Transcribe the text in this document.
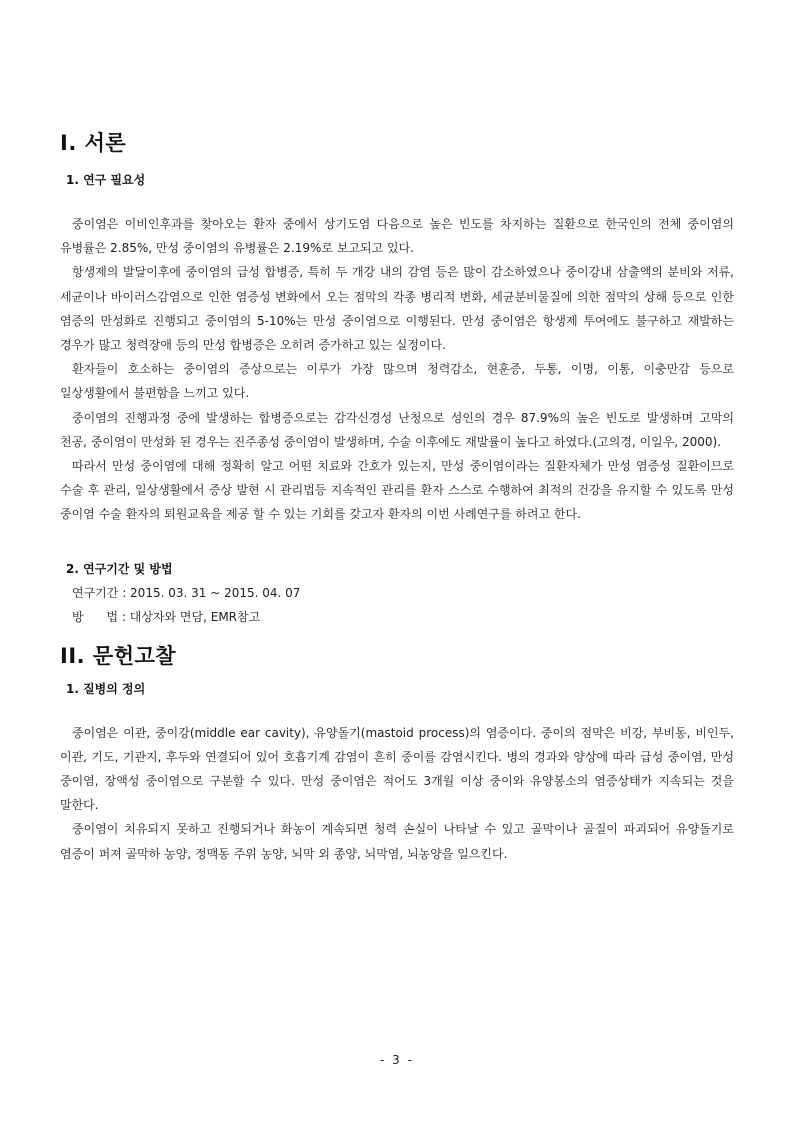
I. 서론
1. 연구 필요성

중이염은 이비인후과를 찾아오는 환자 중에서 상기도염 다음으로 높은 빈도를 차지하는 질환으로 한국인의 전체 중이염의 유병률은 2.85%, 만성 중이염의 유병률은 2.19%로 보고되고 있다.

항생제의 발달이후에 중이염의 급성 합병증, 특히 두 개강 내의 감염 등은 많이 감소하였으나 중이강내 삼출액의 분비와 저류, 세균이나 바이러스감염으로 인한 염증성 변화에서 오는 점막의 각종 병리적 변화, 세균분비물질에 의한 점막의 상해 등으로 인한 염증의 만성화로 진행되고 중이염의 5-10%는 만성 중이염으로 이행된다. 만성 중이염은 항생제 투여에도 불구하고 재발하는 경우가 많고 청력장애 등의 만성 합병증은 오히려 증가하고 있는 실정이다.

환자들이 호소하는 중이염의 증상으로는 이루가 가장 많으며 청력감소, 현훈증, 두통, 이명, 이통, 이충만감 등으로 일상생활에서 불편함을 느끼고 있다.

중이염의 진행과정 중에 발생하는 합병증으로는 감각신경성 난청으로 성인의 경우 87.9%의 높은 빈도로 발생하며 고막의 천공, 중이염이 만성화 된 경우는 진주종성 중이염이 발생하며, 수술 이후에도 재발률이 높다고 하였다.(고의경, 이일우, 2000).

따라서 만성 중이염에 대해 정확히 알고 어떤 치료와 간호가 있는지, 만성 중이염이라는 질환자체가 만성 염증성 질환이므로 수술 후 관리, 일상생활에서 증상 발현 시 관리법등 지속적인 관리를 환자 스스로 수행하여 최적의 건강을 유지할 수 있도록 만성 중이염 수술 환자의 퇴원교육을 제공 할 수 있는 기회를 갖고자 환자의 이번 사례연구를 하려고 한다.

2. 연구기간 및 방법
연구기간 : 2015. 03. 31 ~ 2015. 04. 07
방      법 : 대상자와 면담, EMR참고
II. 문헌고찰
1. 질병의 정의

중이염은 이관, 중이강(middle ear cavity), 유양돌기(mastoid process)의 염증이다. 중이의 점막은 비강, 부비동, 비인두, 이관, 기도, 기관지, 후두와 연결되어 있어 호흡기계 감염이 흔히 중이를 감염시킨다. 병의 경과와 양상에 따라 급성 중이염, 만성 중이염, 장액성 중이염으로 구분할 수 있다. 만성 중이염은 적어도 3개월 이상 중이와 유양봉소의 염증상태가 지속되는 것을 말한다.

중이염이 치유되지 못하고 진행되거나 화농이 계속되면 청력 손실이 나타날 수 있고 골막이나 골질이 파괴되어 유양돌기로 염증이 퍼져 골막하 농양, 정맥동 주위 농양, 뇌막 외 종양, 뇌막염, 뇌농양을 일으킨다.

- 3 -
